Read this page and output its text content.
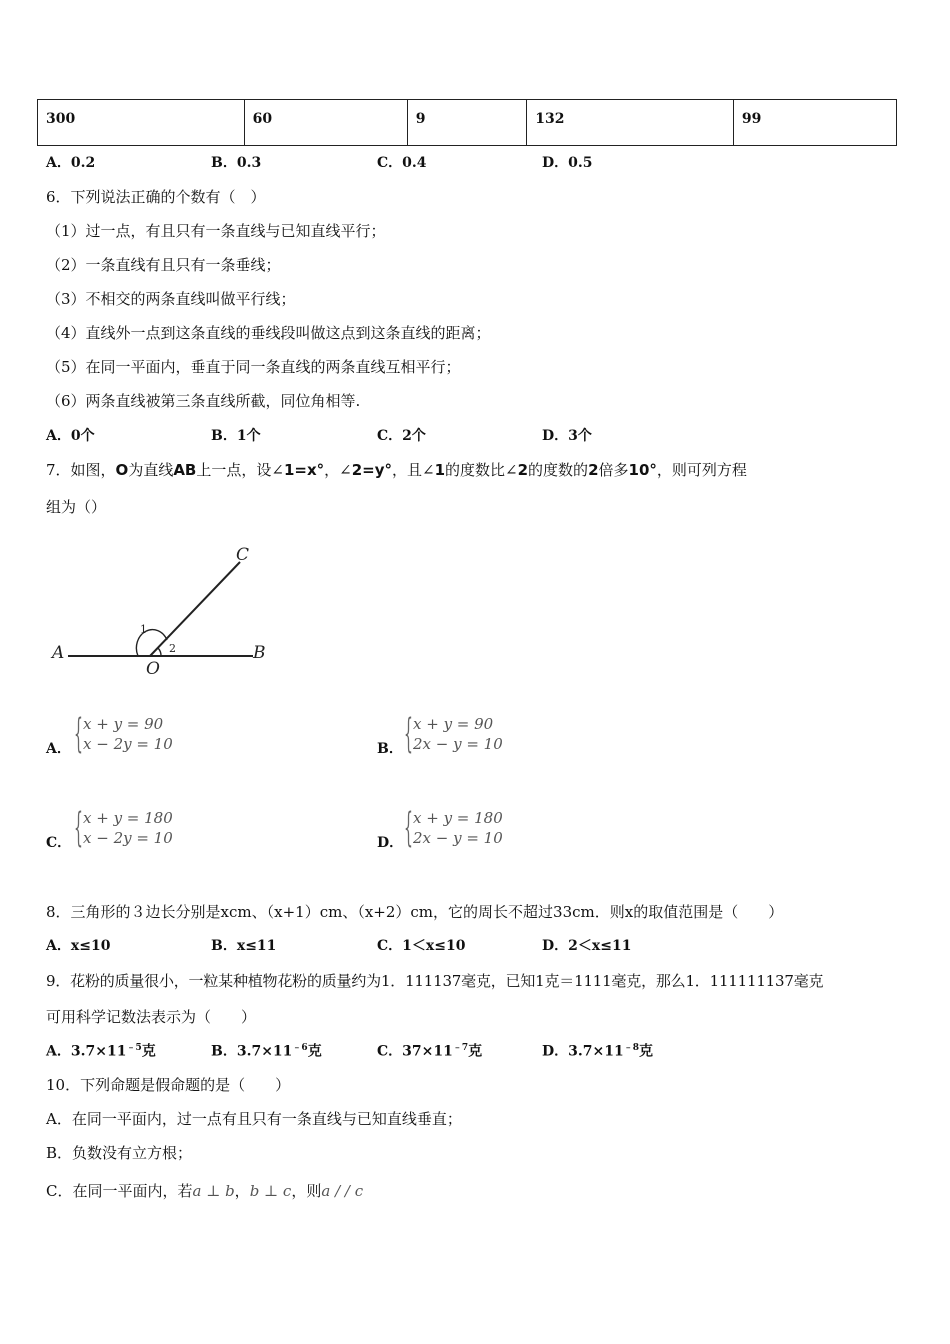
300	60	9	132	99
A．0.2	B．0.3	C．0.4	D．0.5
6．下列说法正确的个数有（　）
（1）过一点，有且只有一条直线与已知直线平行；
（2）一条直线有且只有一条垂线；
（3）不相交的两条直线叫做平行线；
（4）直线外一点到这条直线的垂线段叫做这点到这条直线的距离；
（5）在同一平面内，垂直于同一条直线的两条直线互相平行；
（6）两条直线被第三条直线所截，同位角相等.
A．0个	B．1个	C．2个	D．3个
7．如图，O为直线AB上一点，设∠1=x°，∠2=y°，且∠1的度数比∠2的度数的2倍多10°，则可列方程
组为（）
A	B
C
O
1
2
A． { x + y = 90
x − 2y = 10	B． { x + y = 90
2x − y = 10
C． { x + y = 180
x − 2y = 10	D． { x + y = 180
2x − y = 10
8．三角形的３边长分别是xcm、（x+1）cm、（x+2）cm，它的周长不超过33cm．则x的取值范围是（　　）
A．x≤10	B．x≤11	C．1＜x≤10	D．2＜x≤11
9．花粉的质量很小，一粒某种植物花粉的质量约为1．111137毫克，已知1克＝1111毫克，那么1．111111137毫克
可用科学记数法表示为（　　）
A．$3.7\times 11^{﹣5}$克	B．$3.7\times 11^{﹣6}$克	C．$37\times 11^{﹣7}$克	D．$3.7\times 11^{﹣8}$克
10．下列命题是假命题的是（　　）
A．在同一平面内，过一点有且只有一条直线与已知直线垂直；
B．负数没有立方根；
C．在同一平面内，若a ⊥ b，b ⊥ c，则a / / c
